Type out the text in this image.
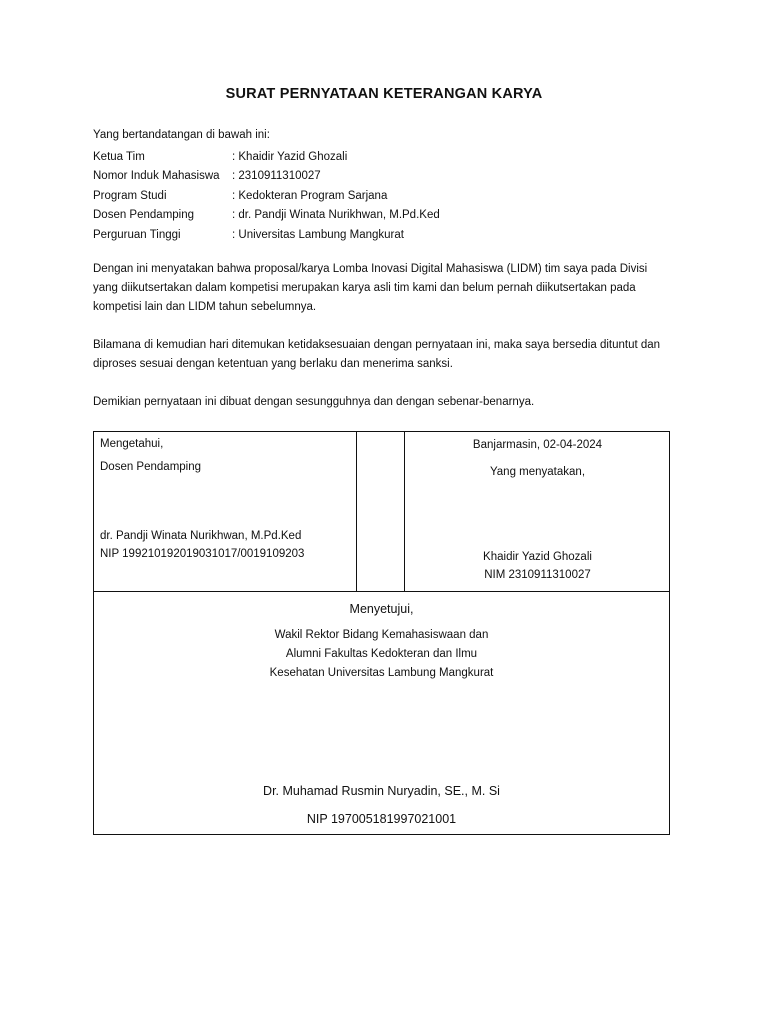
SURAT PERNYATAAN KETERANGAN KARYA
Yang bertandatangan di bawah ini:
Ketua Tim	: Khaidir Yazid Ghozali
Nomor Induk Mahasiswa : 2310911310027
Program Studi	: Kedokteran Program Sarjana
Dosen Pendamping	: dr. Pandji Winata Nurikhwan, M.Pd.Ked
Perguruan Tinggi	: Universitas Lambung Mangkurat
Dengan ini menyatakan bahwa proposal/karya Lomba Inovasi Digital Mahasiswa (LIDM) tim saya pada Divisi yang diikutsertakan dalam kompetisi merupakan karya asli tim kami dan belum pernah diikutsertakan pada kompetisi lain dan LIDM tahun sebelumnya.
Bilamana di kemudian hari ditemukan ketidaksesuaian dengan pernyataan ini, maka saya bersedia dituntut dan diproses sesuai dengan ketentuan yang berlaku dan menerima sanksi.
Demikian pernyataan ini dibuat dengan sesungguhnya dan dengan sebenar-benarnya.
Mengetahui,
Dosen Pendamping
dr. Pandji Winata Nurikhwan, M.Pd.Ked
NIP 199210192019031017/0019109203
Banjarmasin, 02-04-2024
Yang menyatakan,
Khaidir Yazid Ghozali
NIM 2310911310027
Menyetujui,
Wakil Rektor Bidang Kemahasiswaan dan
Alumni Fakultas Kedokteran dan Ilmu
Kesehatan Universitas Lambung Mangkurat
Dr. Muhamad Rusmin Nuryadin, SE., M. Si
NIP 197005181997021001
